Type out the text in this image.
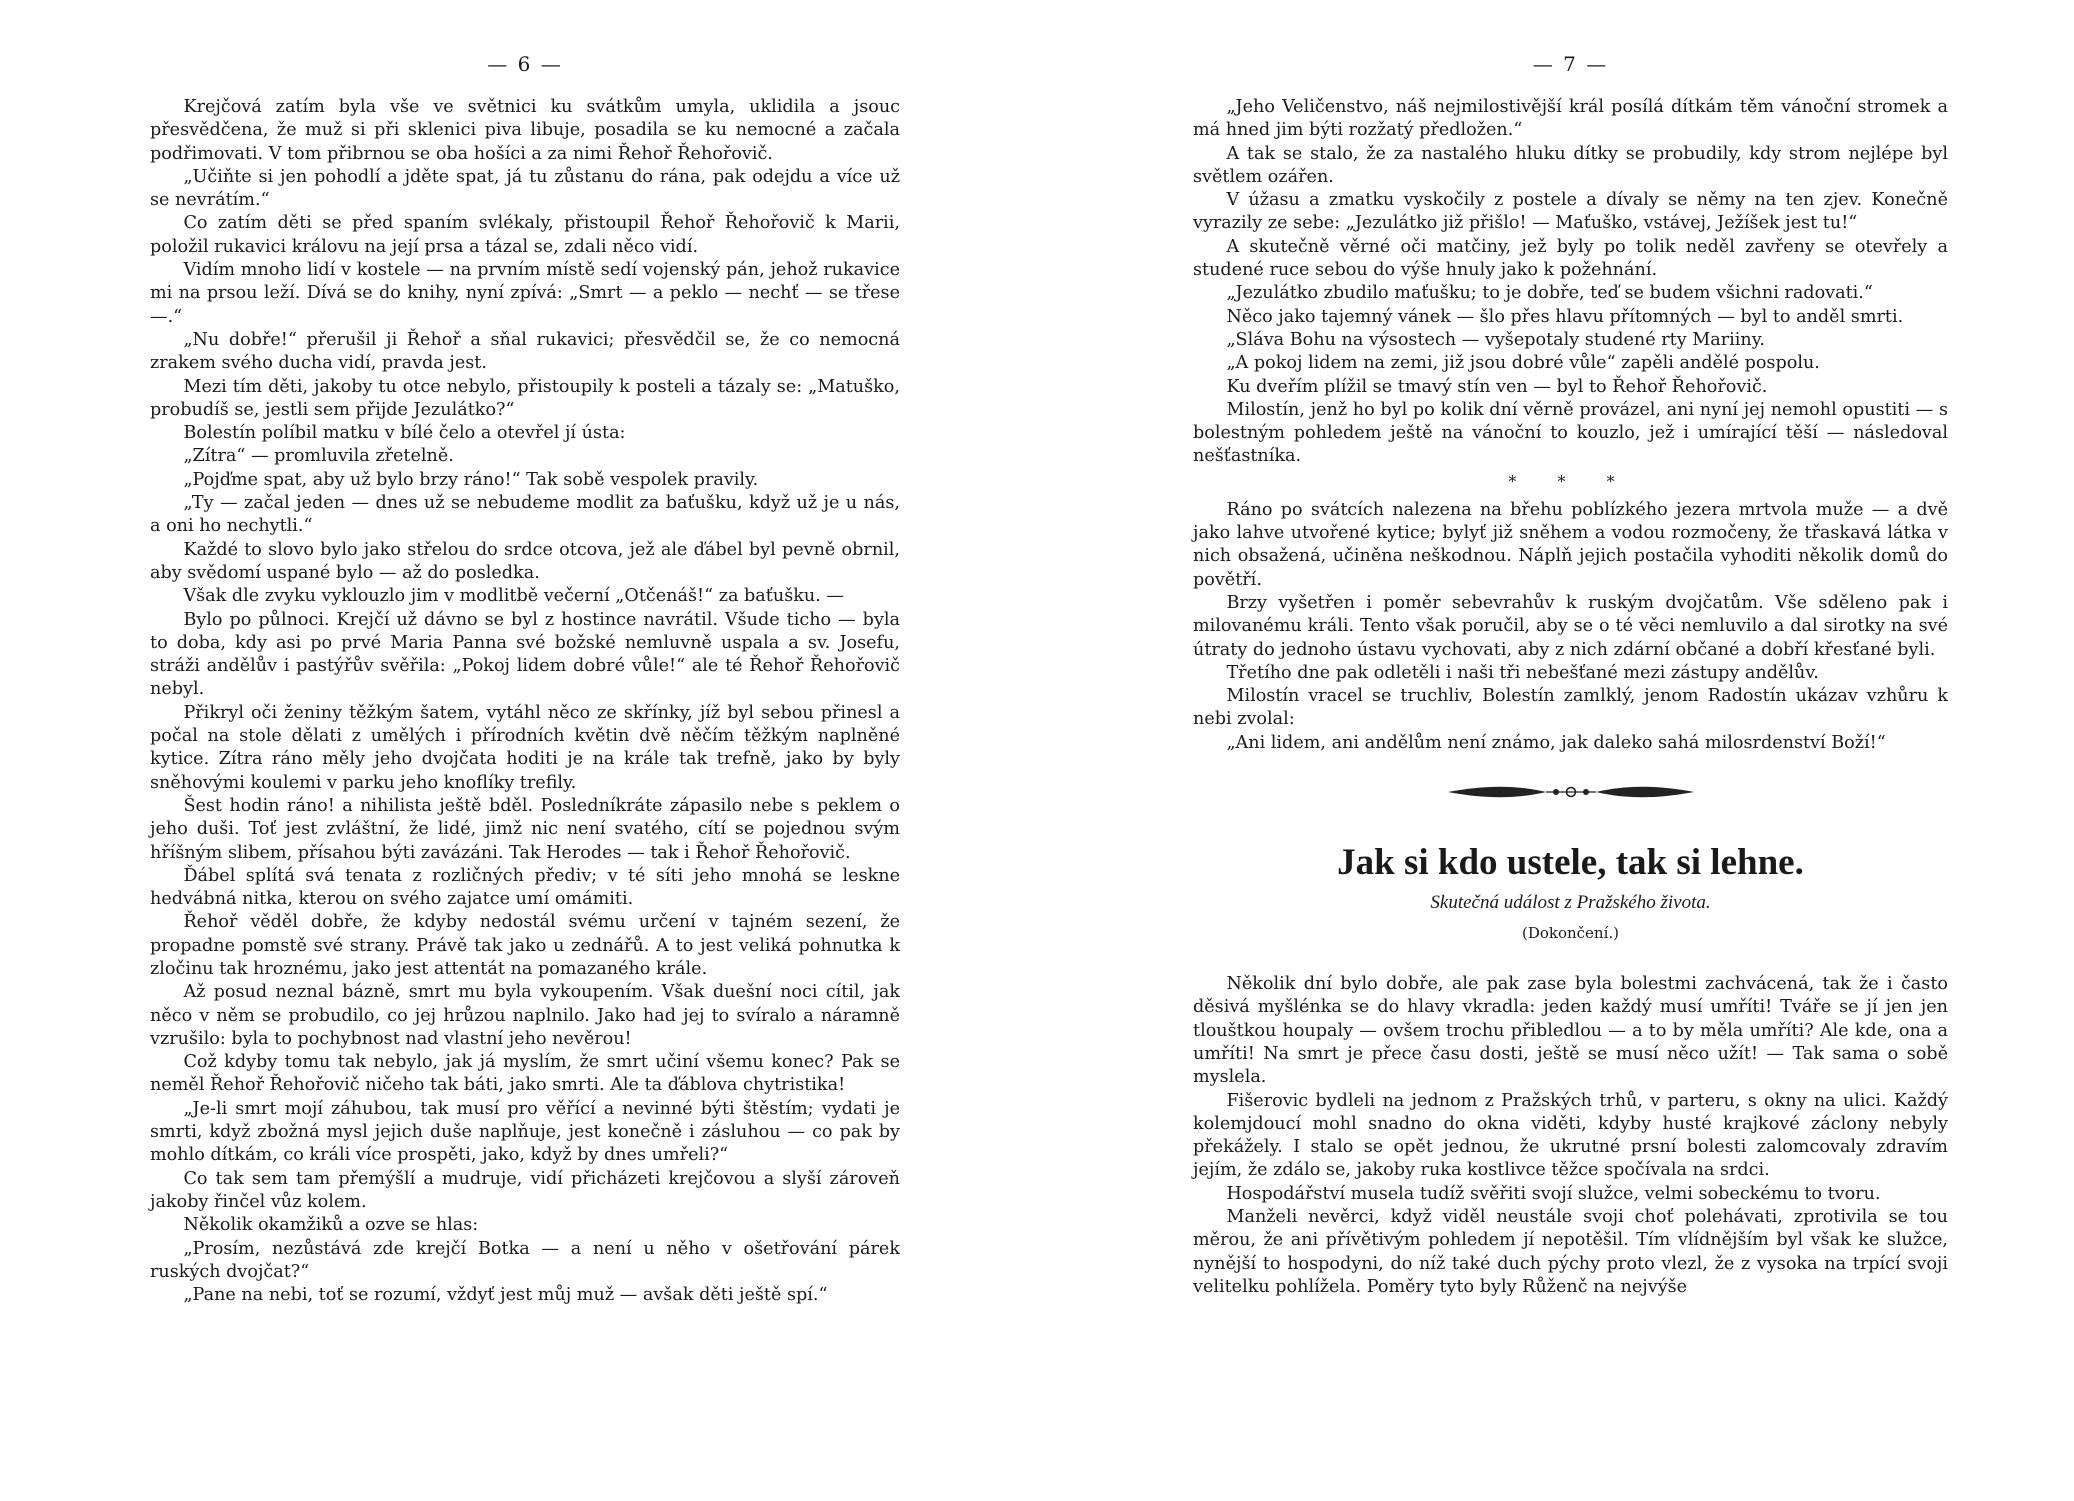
— 6 —

Krejčová zatím byla vše ve světnici ku svátkům umyla, uklidila a jsouc přesvědčena, že muž si při sklenici piva libuje, posadila se ku nemocné a začala podřimovati. V tom přibrnou se oba hošíci a za nimi Řehoř Řehořovič.

„Učiňte si jen pohodlí a jděte spat, já tu zůstanu do rána, pak odejdu a více už se nevrátím.“

Co zatím děti se před spaním svlékaly, přistoupil Řehoř Řehořovič k Marii, položil rukavici královu na její prsa a tázal se, zdali něco vidí.

Vidím mnoho lidí v kostele — na prvním místě sedí vojenský pán, jehož rukavice mi na prsou leží. Dívá se do knihy, nyní zpívá: „Smrt — a peklo — nechť — se třese —.“

„Nu dobře!“ přerušil ji Řehoř a sňal rukavici; přesvědčil se, že co nemocná zrakem svého ducha vidí, pravda jest.

Mezi tím děti, jakoby tu otce nebylo, přistoupily k posteli a tázaly se: „Matuško, probudíš se, jestli sem přijde Jezulátko?“

Bolestín políbil matku v bílé čelo a otevřel jí ústa:

„Zítra“ — promluvila zřetelně.

„Pojďme spat, aby už bylo brzy ráno!“ Tak sobě vespolek pravily.

„Ty — začal jeden — dnes už se nebudeme modlit za baťušku, když už je u nás, a oni ho nechytli.“

Každé to slovo bylo jako střelou do srdce otcova, jež ale ďábel byl pevně obrnil, aby svědomí uspané bylo — až do posledka.

Však dle zvyku vyklouzlo jim v modlitbě večerní „Otčenáš!“ za baťušku. —

Bylo po půlnoci. Krejčí už dávno se byl z hostince navrátil. Všude ticho — byla to doba, kdy asi po prvé Maria Panna své božské nemluvně uspala a sv. Josefu, stráži andělův i pastýřův svěřila: „Pokoj lidem dobré vůle!“ ale té Řehoř Řehořovič nebyl.

Přikryl oči ženiny těžkým šatem, vytáhl něco ze skřínky, jíž byl sebou přinesl a počal na stole dělati z umělých i přírodních květin dvě něčím těžkým naplněné kytice. Zítra ráno měly jeho dvojčata hoditi je na krále tak trefně, jako by byly sněhovými koulemi v parku jeho knoflíky trefily.

Šest hodin ráno! a nihilista ještě bděl. Posledníkráte zápasilo nebe s peklem o jeho duši. Toť jest zvláštní, že lidé, jimž nic není svatého, cítí se pojednou svým hříšným slibem, přísahou býti zavázáni. Tak Herodes — tak i Řehoř Řehořovič.

Ďábel splítá svá tenata z rozličných přediv; v té síti jeho mnohá se leskne hedvábná nitka, kterou on svého zajatce umí omámiti.

Řehoř věděl dobře, že kdyby nedostál svému určení v tajném sezení, že propadne pomstě své strany. Právě tak jako u zednářů. A to jest veliká pohnutka k zločinu tak hroznému, jako jest attentát na pomazaného krále.

Až posud neznal bázně, smrt mu byla vykoupením. Však duešní noci cítil, jak něco v něm se probudilo, co jej hrůzou naplnilo. Jako had jej to svíralo a náramně vzrušilo: byla to pochybnost nad vlastní jeho nevěrou!

Což kdyby tomu tak nebylo, jak já myslím, že smrt učiní všemu konec? Pak se neměl Řehoř Řehořovič ničeho tak báti, jako smrti. Ale ta ďáblova chytristika!

„Je-li smrt mojí záhubou, tak musí pro věřící a nevinné býti štěstím; vydati je smrti, když zbožná mysl jejich duše naplňuje, jest konečně i zásluhou — co pak by mohlo dítkám, co králi více prospěti, jako, když by dnes umřeli?“

Co tak sem tam přemýšlí a mudruje, vidí přicházeti krejčovou a slyší zároveň jakoby řinčel vůz kolem.

Několik okamžiků a ozve se hlas:

„Prosím, nezůstává zde krejčí Botka — a není u něho v ošetřování párek ruských dvojčat?“

„Pane na nebi, toť se rozumí, vždyť jest můj muž — avšak děti ještě spí.“

— 7 —

„Jeho Veličenstvo, náš nejmilostivější král posílá dítkám těm vánoční stromek a má hned jim býti rozžatý předložen.“

A tak se stalo, že za nastalého hluku dítky se probudily, kdy strom nejlépe byl světlem ozářen.

V úžasu a zmatku vyskočily z postele a dívaly se němy na ten zjev. Konečně vyrazily ze sebe: „Jezulátko již přišlo! — Maťuško, vstávej, Ježíšek jest tu!“

A skutečně věrné oči matčiny, jež byly po tolik neděl zavřeny se otevřely a studené ruce sebou do výše hnuly jako k požehnání.

„Jezulátko zbudilo maťušku; to je dobře, teď se budem všichni radovati.“

Něco jako tajemný vánek — šlo přes hlavu přítomných — byl to anděl smrti.

„Sláva Bohu na výsostech — vyšepotaly studené rty Mariiny.

„A pokoj lidem na zemi, již jsou dobré vůle“ zapěli andělé pospolu.

Ku dveřím plížil se tmavý stín ven — byl to Řehoř Řehořovič.

Milostín, jenž ho byl po kolik dní věrně provázel, ani nyní jej nemohl opustiti — s bolestným pohledem ještě na vánoční to kouzlo, jež i umírající těší — následoval nešťastníka.

* * *

Ráno po svátcích nalezena na břehu poblízkého jezera mrtvola muže — a dvě jako lahve utvořené kytice; bylyť již sněhem a vodou rozmočeny, že třaskavá látka v nich obsažená, učiněna neškodnou. Náplň jejich postačila vyhoditi několik domů do povětří.

Brzy vyšetřen i poměr sebevrahův k ruským dvojčatům. Vše sděleno pak i milovanému králi. Tento však poručil, aby se o té věci nemluvilo a dal sirotky na své útraty do jednoho ústavu vychovati, aby z nich zdární občané a dobří křesťané byli.

Třetího dne pak odletěli i naši tři nebešťané mezi zástupy andělův.

Milostín vracel se truchliv, Bolestín zamlklý, jenom Radostín ukázav vzhůru k nebi zvolal:

„Ani lidem, ani andělům není známo, jak daleko sahá milosrdenství Boží!“

Jak si kdo ustele, tak si lehne.
Skutečná událost z Pražského života.
(Dokončení.)

Několik dní bylo dobře, ale pak zase byla bolestmi zachvácená, tak že i často děsivá myšlénka se do hlavy vkradla: jeden každý musí umříti! Tváře se jí jen jen tlouštkou houpaly — ovšem trochu přibledlou — a to by měla umříti? Ale kde, ona a umříti! Na smrt je přece času dosti, ještě se musí něco užít! — Tak sama o sobě myslela.

Fišerovic bydleli na jednom z Pražských trhů, v parteru, s okny na ulici. Každý kolemjdoucí mohl snadno do okna viděti, kdyby husté krajkové záclony nebyly překážely. I stalo se opět jednou, že ukrutné prsní bolesti zalomcovaly zdravím jejím, že zdálo se, jakoby ruka kostlivce těžce spočívala na srdci.

Hospodářství musela tudíž svěřiti svojí služce, velmi sobeckému to tvoru.

Manželi nevěrci, když viděl neustále svoji choť polehávati, zprotivila se tou měrou, že ani přívětivým pohledem jí nepotěšil. Tím vlídnějším byl však ke služce, nynější to hospodyni, do níž také duch pýchy proto vlezl, že z vysoka na trpící svoji velitelku pohlížela. Poměry tyto byly Růženč na nejvýše
